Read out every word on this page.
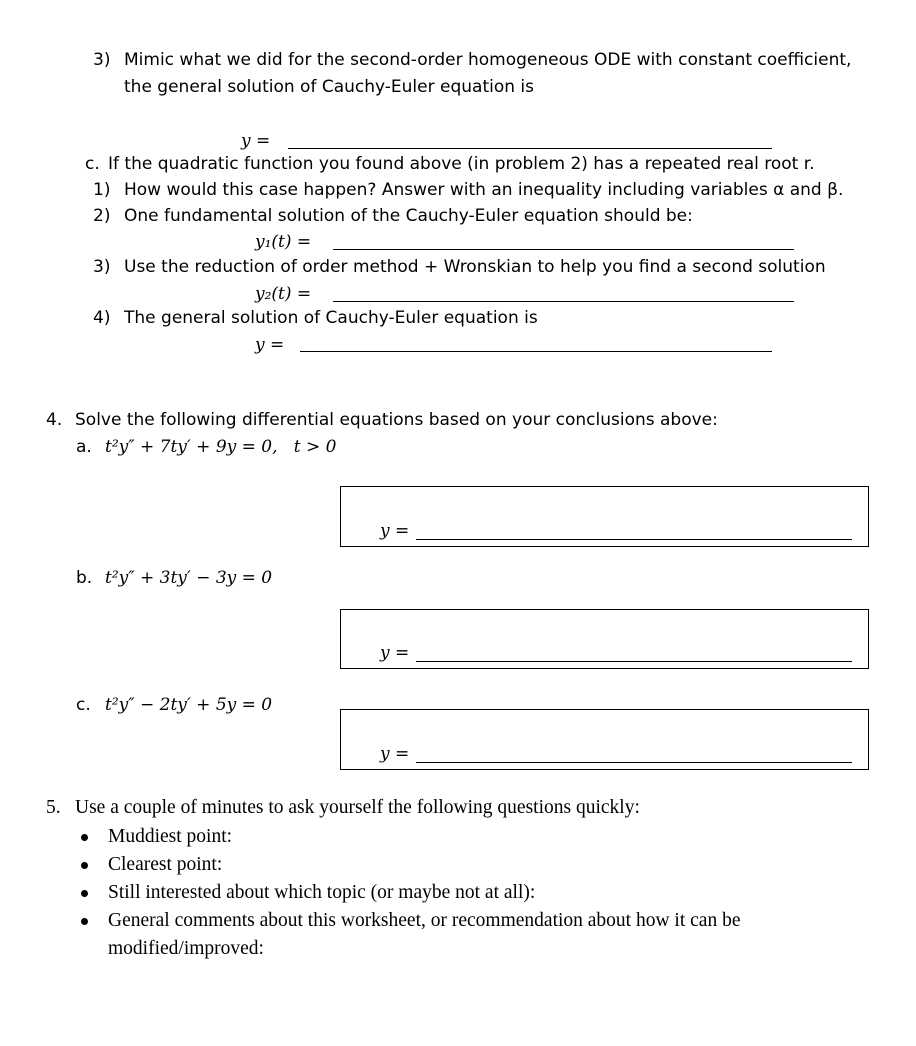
3) Mimic what we did for the second-order homogeneous ODE with constant coefficient,
the general solution of Cauchy-Euler equation is
y =
c. If the quadratic function you found above (in problem 2) has a repeated real root r.
1) How would this case happen? Answer with an inequality including variables α and β.
2) One fundamental solution of the Cauchy-Euler equation should be:
y₁(t) =
3) Use the reduction of order method + Wronskian to help you find a second solution
y₂(t) =
4) The general solution of Cauchy-Euler equation is
y =
4. Solve the following differential equations based on your conclusions above:
a. t²y″ + 7ty′ + 9y = 0,   t > 0
y =
b. t²y″ + 3ty′ − 3y = 0
y =
c. t²y″ − 2ty′ + 5y = 0
y =
5. Use a couple of minutes to ask yourself the following questions quickly:
Muddiest point:
Clearest point:
Still interested about which topic (or maybe not at all):
General comments about this worksheet, or recommendation about how it can be
modified/improved:
